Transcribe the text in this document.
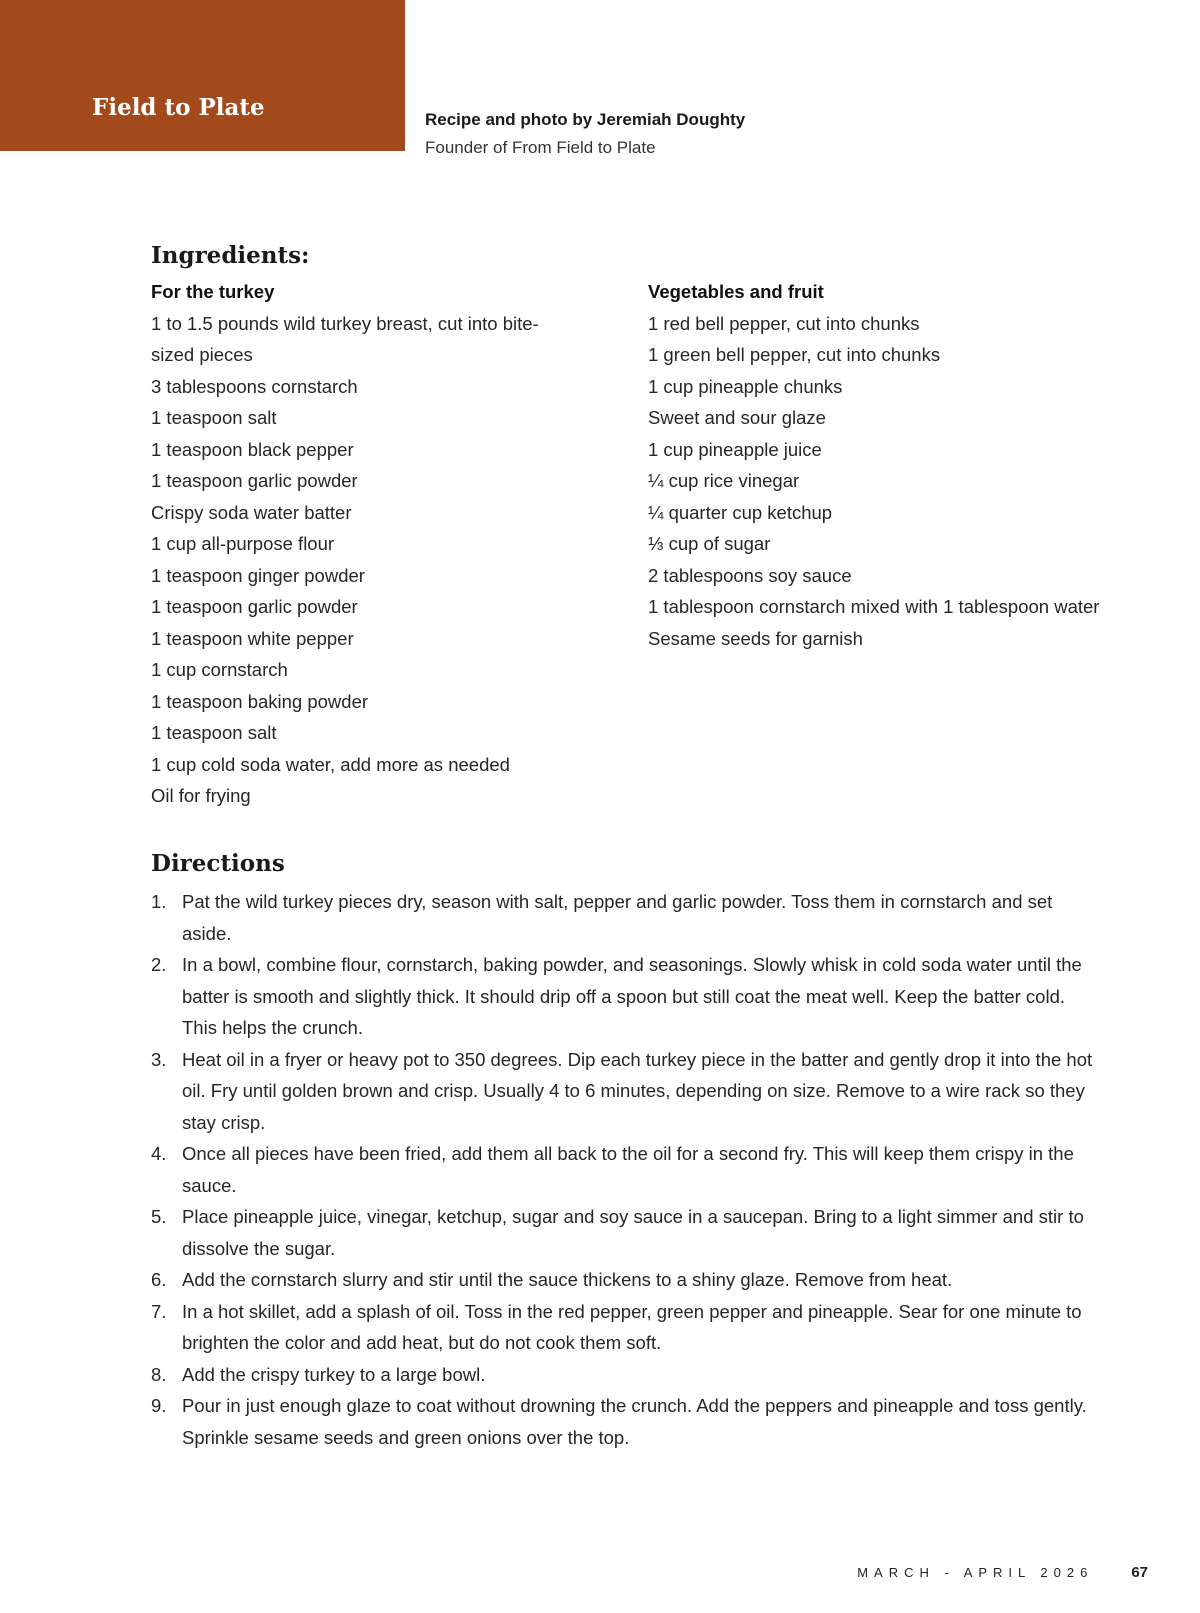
Field to Plate	Recipe and photo by Jeremiah Doughty
Founder of From Field to Plate
Ingredients:
For the turkey
1 to 1.5 pounds wild turkey breast, cut into bite-sized pieces
3 tablespoons cornstarch
1 teaspoon salt
1 teaspoon black pepper
1 teaspoon garlic powder
Crispy soda water batter
1 cup all-purpose flour
1 teaspoon ginger powder
1 teaspoon garlic powder
1 teaspoon white pepper
1 cup cornstarch
1 teaspoon baking powder
1 teaspoon salt
1 cup cold soda water, add more as needed
Oil for frying
Vegetables and fruit
1 red bell pepper, cut into chunks
1 green bell pepper, cut into chunks
1 cup pineapple chunks
Sweet and sour glaze
1 cup pineapple juice
¼ cup rice vinegar
¼ quarter cup ketchup
⅓ cup of sugar
2 tablespoons soy sauce
1 tablespoon cornstarch mixed with 1 tablespoon water
Sesame seeds for garnish
Directions
1. Pat the wild turkey pieces dry, season with salt, pepper and garlic powder. Toss them in cornstarch and set aside.
2. In a bowl, combine flour, cornstarch, baking powder, and seasonings. Slowly whisk in cold soda water until the batter is smooth and slightly thick. It should drip off a spoon but still coat the meat well. Keep the batter cold. This helps the crunch.
3. Heat oil in a fryer or heavy pot to 350 degrees. Dip each turkey piece in the batter and gently drop it into the hot oil. Fry until golden brown and crisp. Usually 4 to 6 minutes, depending on size. Remove to a wire rack so they stay crisp.
4. Once all pieces have been fried, add them all back to the oil for a second fry. This will keep them crispy in the sauce.
5. Place pineapple juice, vinegar, ketchup, sugar and soy sauce in a saucepan. Bring to a light simmer and stir to dissolve the sugar.
6. Add the cornstarch slurry and stir until the sauce thickens to a shiny glaze. Remove from heat.
7. In a hot skillet, add a splash of oil. Toss in the red pepper, green pepper and pineapple. Sear for one minute to brighten the color and add heat, but do not cook them soft.
8. Add the crispy turkey to a large bowl.
9. Pour in just enough glaze to coat without drowning the crunch. Add the peppers and pineapple and toss gently. Sprinkle sesame seeds and green onions over the top.
MARCH - APRIL 2026	67
